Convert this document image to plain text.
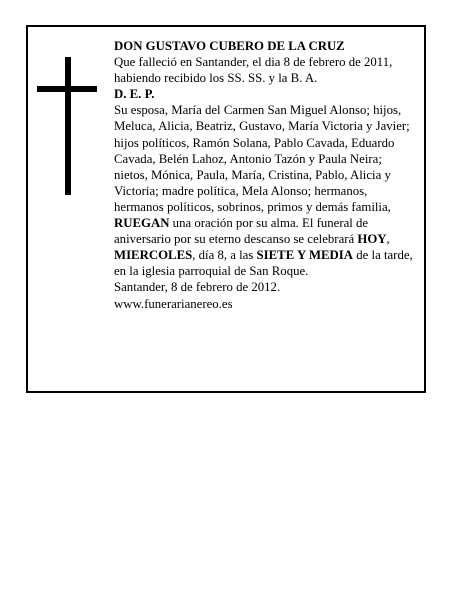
DON GUSTAVO CUBERO DE LA CRUZ

Que falleció en Santander, el dia 8 de febrero de 2011, habiendo recibido los SS. SS. y la B. A.

D. E. P.

Su esposa, María del Carmen San Miguel Alonso; hijos, Meluca, Alicia, Beatriz, Gustavo, María Victoria y Javier; hijos políticos, Ramón Solana, Pablo Cavada, Eduardo Cavada, Belén Lahoz, Antonio Tazón y Paula Neira; nietos, Mónica, Paula, María, Cristina, Pablo, Alicia y Victoria; madre política, Mela Alonso; hermanos, hermanos políticos, sobrinos, primos y demás familia,

RUEGAN una oración por su alma. El funeral de aniversario por su eterno descanso se celebrará HOY, MIERCOLES, día 8, a las SIETE Y MEDIA de la tarde, en la iglesia parroquial de San Roque.

Santander, 8 de febrero de 2012.

www.funerarianereo.es
